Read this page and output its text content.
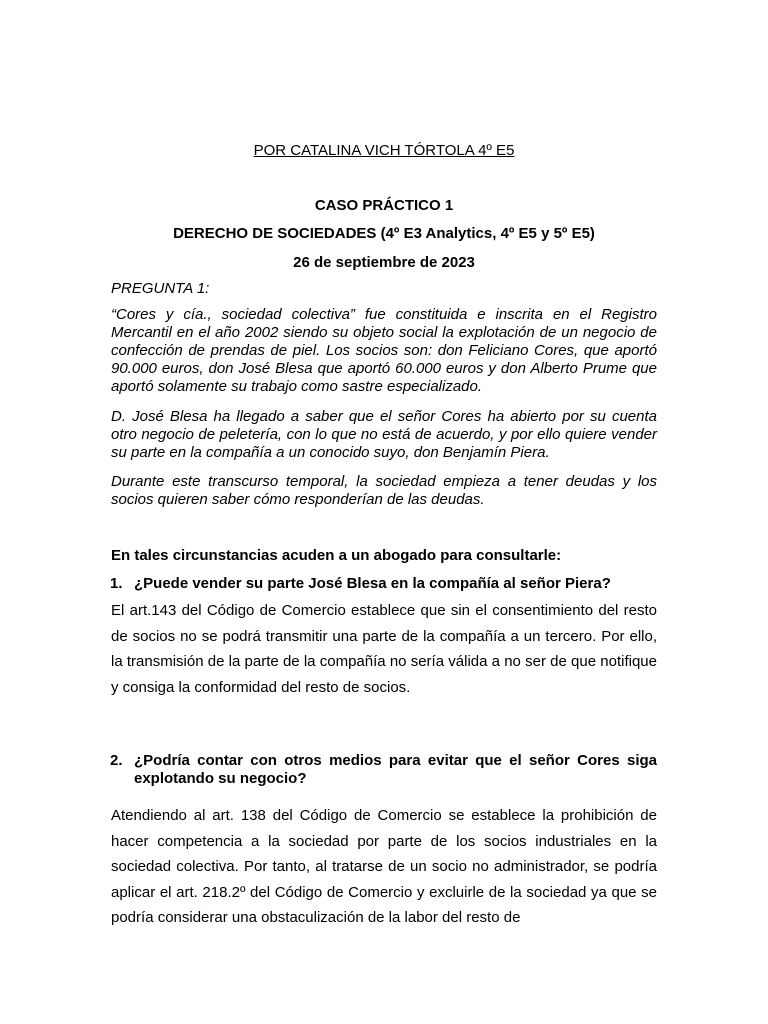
POR CATALINA VICH TÓRTOLA 4º E5
CASO PRÁCTICO 1
DERECHO DE SOCIEDADES (4º E3 Analytics, 4º E5 y 5º E5)
26 de septiembre de 2023
PREGUNTA 1:

“Cores y cía., sociedad colectiva” fue constituida e inscrita en el Registro Mercantil en el año 2002 siendo su objeto social la explotación de un negocio de confección de prendas de piel. Los socios son: don Feliciano Cores, que aportó 90.000 euros, don José Blesa que aportó 60.000 euros y don Alberto Prume que aportó solamente su trabajo como sastre especializado.

D. José Blesa ha llegado a saber que el señor Cores ha abierto por su cuenta otro negocio de peletería, con lo que no está de acuerdo, y por ello quiere vender su parte en la compañía a un conocido suyo, don Benjamín Piera.

Durante este transcurso temporal, la sociedad empieza a tener deudas y los socios quieren saber cómo responderían de las deudas.

En tales circunstancias acuden a un abogado para consultarle:
1. ¿Puede vender su parte José Blesa en la compañía al señor Piera?
El art.143 del Código de Comercio establece que sin el consentimiento del resto de socios no se podrá transmitir una parte de la compañía a un tercero. Por ello, la transmisión de la parte de la compañía no sería válida a no ser de que notifique y consiga la conformidad del resto de socios.
2. ¿Podría contar con otros medios para evitar que el señor Cores siga explotando su negocio?
Atendiendo al art. 138 del Código de Comercio se establece la prohibición de hacer competencia a la sociedad por parte de los socios industriales en la sociedad colectiva. Por tanto, al tratarse de un socio no administrador, se podría aplicar el art. 218.2º del Código de Comercio y excluirle de la sociedad ya que se podría considerar una obstaculización de la labor del resto de
